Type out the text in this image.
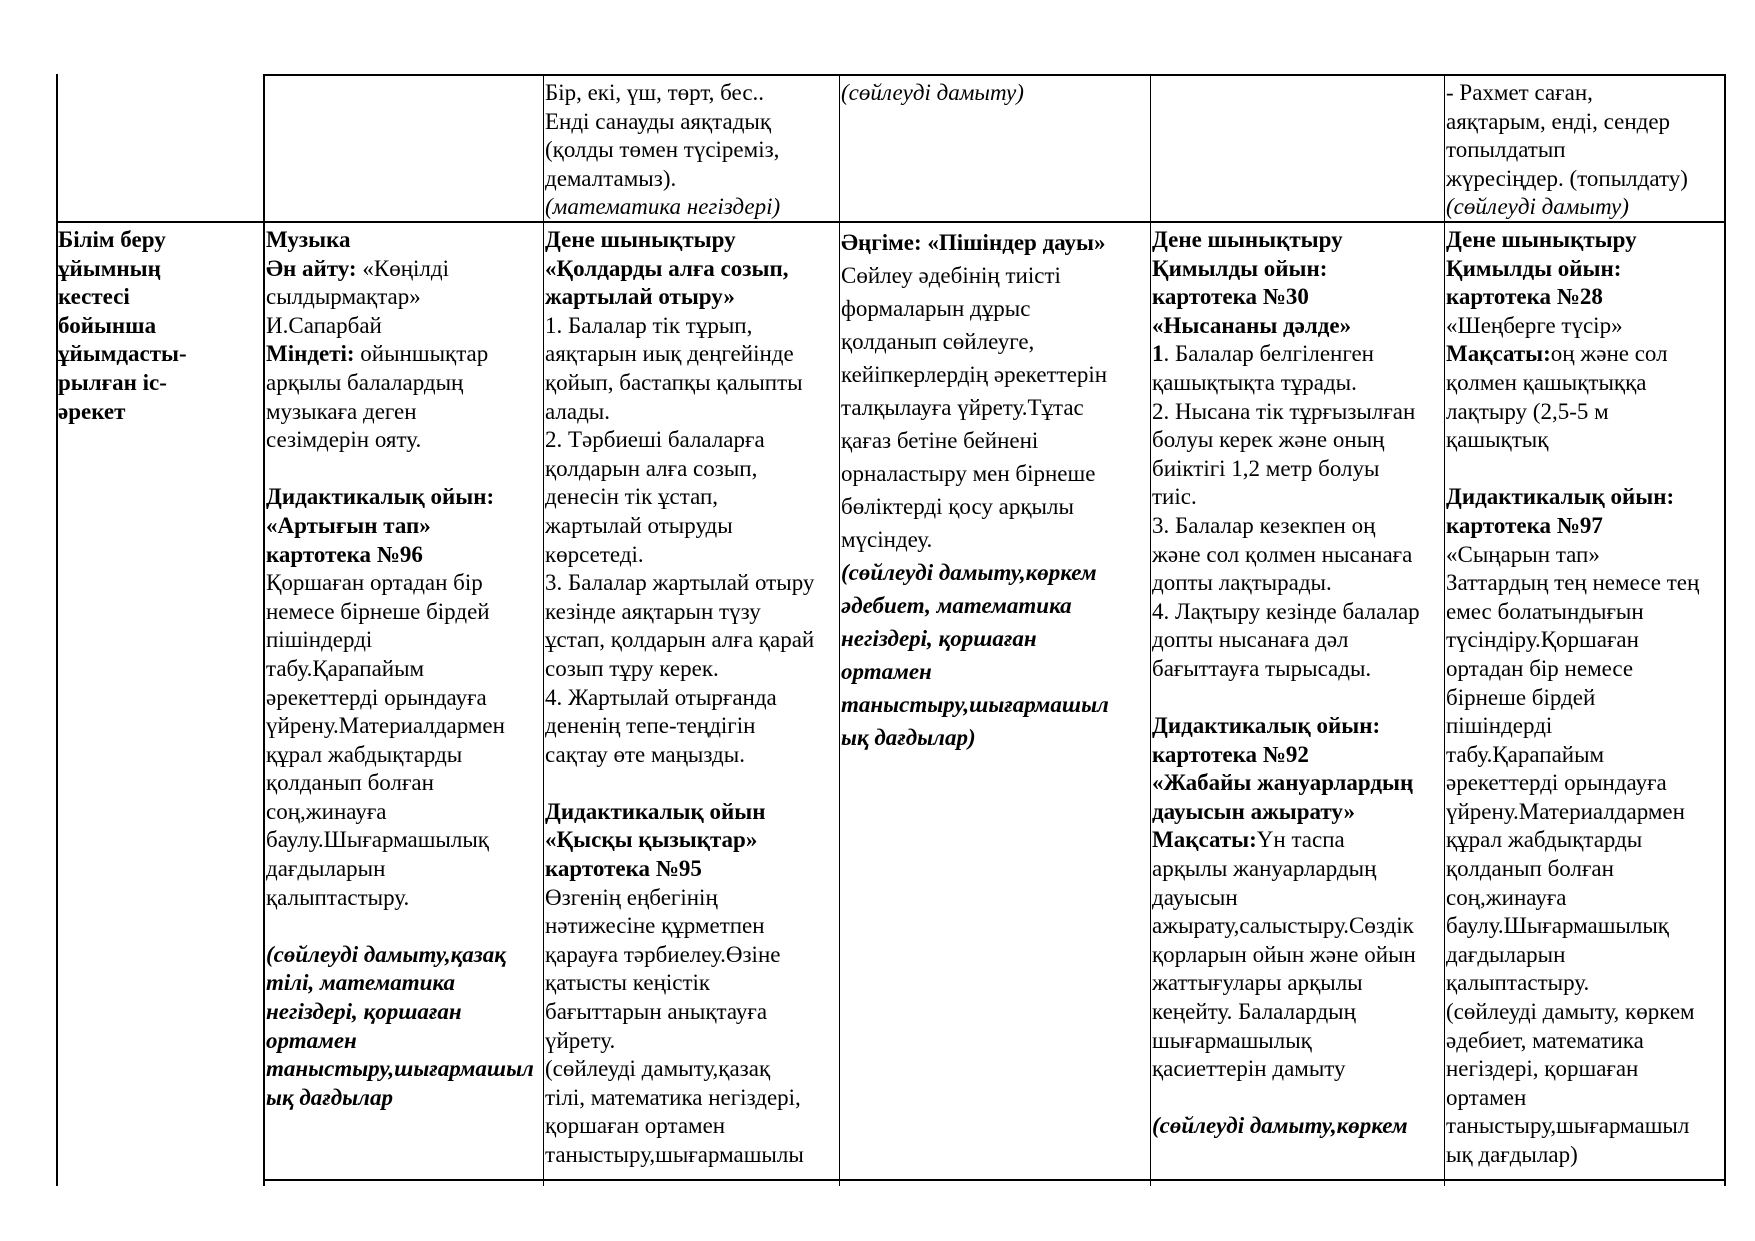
Бір, екі, үш, төрт, бес..
Енді санауды аяқтадық
(қолды төмен түсіреміз,
демалтамыз).
(математика негіздері)
(сөйлеуді дамыту)	- Рахмет саған,
аяқтарым, енді, сендер
топылдатып
жүресіңдер. (топылдату)
(сөйлеуді дамыту)
Білім беру
ұйымның
кестесі
бойынша
ұйымдасты-
рылған іс-
әрекет
Музыка
Ән айту: «Көңілді
сылдырмақтар»
И.Сапарбай
Міндеті: ойыншықтар
арқылы балалардың
музыкаға деген
сезімдерін ояту.
Дидактикалық ойын:
«Артығын тап»
картотека №96
Қоршаған ортадан бір
немесе бірнеше бірдей
пішіндерді
табу.Қарапайым
әрекеттерді орындауға
үйрену.Материалдармен
құрал жабдықтарды
қолданып болған
соң,жинауға
баулу.Шығармашылық
дағдыларын
қалыптастыру.
(сөйлеуді дамыту,қазақ
тілі, математика
негіздері, қоршаған
ортамен
таныстыру,шығармашыл
ық дағдылар
Дене шынықтыру
«Қолдарды алға созып,
жартылай отыру»
1. Балалар тік тұрып,
аяқтарын иық деңгейінде
қойып, бастапқы қалыпты
алады.
2. Тәрбиеші балаларға
қолдарын алға созып,
денесін тік ұстап,
жартылай отыруды
көрсетеді.
3. Балалар жартылай отыру
кезінде аяқтарын түзу
ұстап, қолдарын алға қарай
созып тұру керек.
4. Жартылай отырғанда
дененің тепе-теңдігін
сақтау өте маңызды.
Дидактикалық ойын
«Қысқы қызықтар»
картотека №95
Өзгенің еңбегінің
нәтижесіне құрметпен
қарауға тәрбиелеу.Өзіне
қатысты кеңістік
бағыттарын анықтауға
үйрету.
(сөйлеуді дамыту,қазақ
тілі, математика негіздері,
қоршаған ортамен
таныстыру,шығармашылы
Әңгіме: «Пішіндер дауы»
Сөйлеу әдебінің тиісті
формаларын дұрыс
қолданып сөйлеуге,
кейіпкерлердің әрекеттерін
талқылауға үйрету.Тұтас
қағаз бетіне бейнені
орналастыру мен бірнеше
бөліктерді қосу арқылы
мүсіндеу.
(сөйлеуді дамыту,көркем
әдебиет, математика
негіздері, қоршаған
ортамен
таныстыру,шығармашыл
ық дағдылар)
Дене шынықтыру
Қимылды ойын:
картотека №30
«Нысананы дәлде»
1. Балалар белгіленген
қашықтықта тұрады.
2. Нысана тік тұрғызылған
болуы керек және оның
биіктігі 1,2 метр болуы
тиіс.
3. Балалар кезекпен оң
және сол қолмен нысанаға
допты лақтырады.
4. Лақтыру кезінде балалар
допты нысанаға дәл
бағыттауға тырысады.
Дидактикалық ойын:
картотека №92
«Жабайы жануарлардың
дауысын ажырату»
Мақсаты:Үн таспа
арқылы жануарлардың
дауысын
ажырату,салыстыру.Сөздік
қорларын ойын және ойын
жаттығулары арқылы
кеңейту. Балалардың
шығармашылық
қасиеттерін дамыту
(сөйлеуді дамыту,көркем
Дене шынықтыру
Қимылды ойын:
картотека №28
«Шеңберге түсір»
Мақсаты:оң және сол
қолмен қашықтыққа
лақтыру (2,5-5 м
қашықтық
Дидактикалық ойын:
картотека №97
«Сыңарын тап»
Заттардың тең немесе тең
емес болатындығын
түсіндіру.Қоршаған
ортадан бір немесе
бірнеше бірдей
пішіндерді
табу.Қарапайым
әрекеттерді орындауға
үйрену.Материалдармен
құрал жабдықтарды
қолданып болған
соң,жинауға
баулу.Шығармашылық
дағдыларын
қалыптастыру.
(сөйлеуді дамыту, көркем
әдебиет, математика
негіздері, қоршаған
ортамен
таныстыру,шығармашыл
ық дағдылар)
